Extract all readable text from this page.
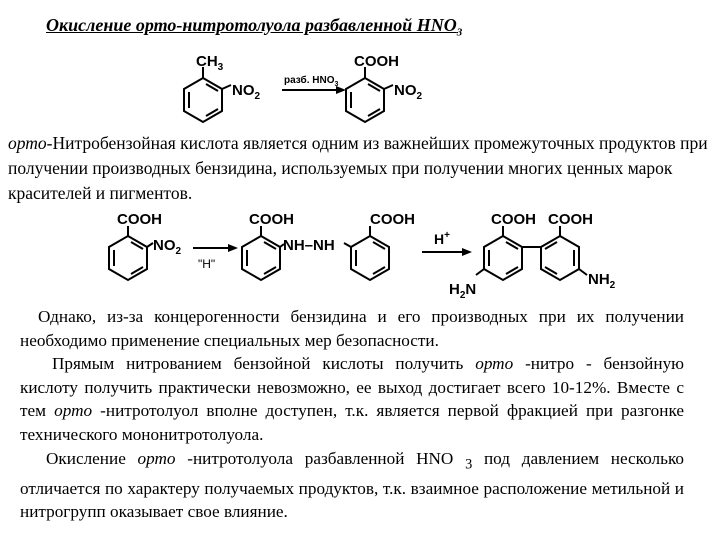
Окисление орто-нитротолуола разбавленной $HNO_3$
$CH_3$
$NO_2$
разб. $HNO_3$
COOH
$NO_2$
орто-Нитробензойная кислота является одним из важнейших промежуточных продуктов при получении производных бензидина, используемых при получении многих ценных марок красителей и пигментов.
COOH
$NO_2$
"H"
COOH
NH–NH
COOH
H+
COOH COOH
$H_2N$
$NH_2$

Однако, из-за концерогенности бензидина и его производных при их получении необходимо применение специальных мер безопасности.

Прямым нитрованием бензойной кислоты получить орто -нитро - бензойную кислоту получить практически невозможно, ее выход достигает всего 10-12%. Вместе с тем орто -нитротолуол вполне доступен, т.к. является первой фракцией при разгонке технического мононитротолуола.

Окисление орто -нитротолуола разбавленной HNO $_3$ под давлением несколько отличается по характеру получаемых продуктов, т.к. взаимное расположение метильной и нитрогрупп оказывает свое влияние.
